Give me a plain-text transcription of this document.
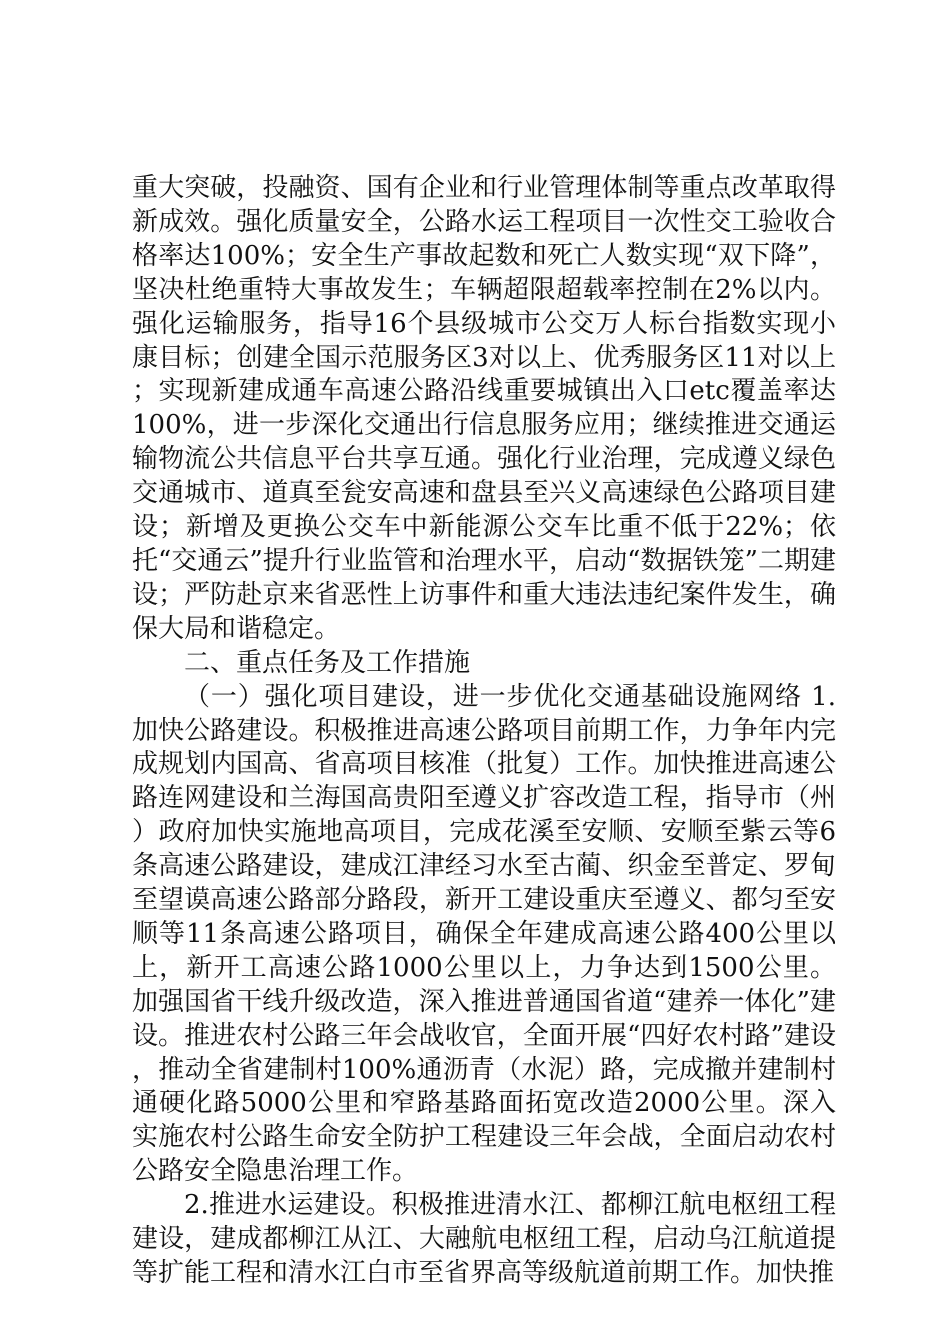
重大突破，投融资、国有企业和行业管理体制等重点改革取得新成效。强化质量安全，公路水运工程项目一次性交工验收合格率达100%；安全生产事故起数和死亡人数实现“双下降”，坚决杜绝重特大事故发生；车辆超限超载率控制在2%以内。强化运输服务，指导16个县级城市公交万人标台指数实现小康目标；创建全国示范服务区3对以上、优秀服务区11对以上；实现新建成通车高速公路沿线重要城镇出入口etc覆盖率达100%，进一步深化交通出行信息服务应用；继续推进交通运输物流公共信息平台共享互通。强化行业治理，完成遵义绿色交通城市、道真至瓮安高速和盘县至兴义高速绿色公路项目建设；新增及更换公交车中新能源公交车比重不低于22%；依托“交通云”提升行业监管和治理水平，启动“数据铁笼”二期建设；严防赴京来省恶性上访事件和重大违法违纪案件发生，确保大局和谐稳定。

二、重点任务及工作措施

（一）强化项目建设，进一步优化交通基础设施网络 1.加快公路建设。积极推进高速公路项目前期工作，力争年内完成规划内国高、省高项目核准（批复）工作。加快推进高速公路连网建设和兰海国高贵阳至遵义扩容改造工程，指导市（州）政府加快实施地高项目，完成花溪至安顺、安顺至紫云等6条高速公路建设，建成江津经习水至古蔺、织金至普定、罗甸至望谟高速公路部分路段，新开工建设重庆至遵义、都匀至安顺等11条高速公路项目，确保全年建成高速公路400公里以上，新开工高速公路1000公里以上，力争达到1500公里。加强国省干线升级改造，深入推进普通国省道“建养一体化”建设。推进农村公路三年会战收官，全面开展“四好农村路”建设，推动全省建制村100%通沥青（水泥）路，完成撤并建制村通硬化路5000公里和窄路基路面拓宽改造2000公里。深入实施农村公路生命安全防护工程建设三年会战，全面启动农村公路安全隐患治理工作。

2.推进水运建设。积极推进清水江、都柳江航电枢纽工程建设，建成都柳江从江、大融航电枢纽工程，启动乌江航道提等扩能工程和清水江白市至省界高等级航道前期工作。加快推
